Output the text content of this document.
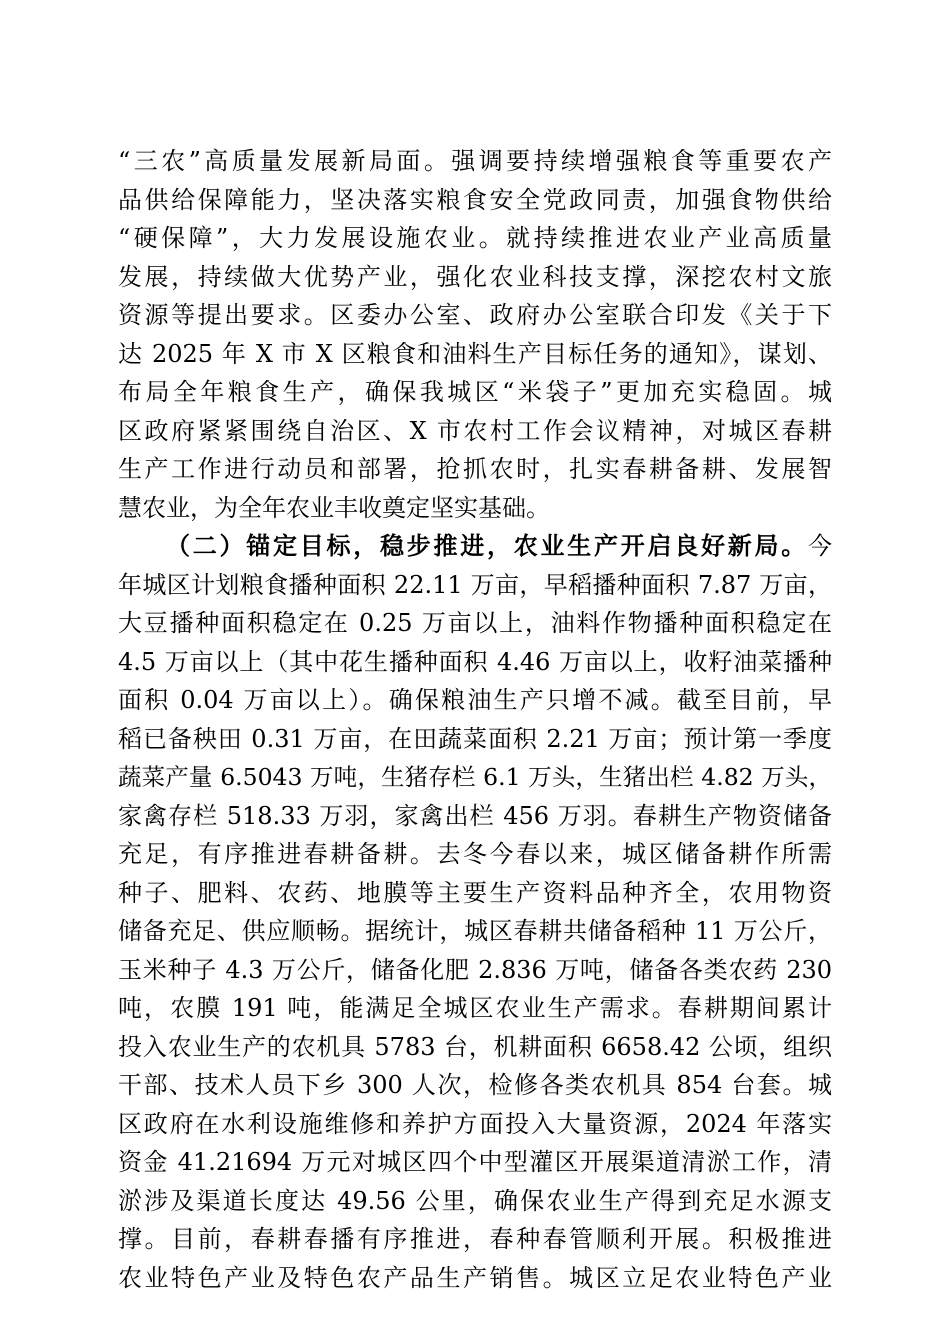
“三农”高质量发展新局面。强调要持续增强粮食等重要农产
品供给保障能力，坚决落实粮食安全党政同责，加强食物供给
“硬保障”，大力发展设施农业。就持续推进农业产业高质量
发展，持续做大优势产业，强化农业科技支撑，深挖农村文旅
资源等提出要求。区委办公室、政府办公室联合印发《关于下
达 2025 年 X 市 X 区粮食和油料生产目标任务的通知》，谋划、
布局全年粮食生产，确保我城区“米袋子”更加充实稳固。城
区政府紧紧围绕自治区、X 市农村工作会议精神，对城区春耕
生产工作进行动员和部署，抢抓农时，扎实春耕备耕、发展智
慧农业，为全年农业丰收奠定坚实基础。
（二）锚定目标，稳步推进，农业生产开启良好新局。今
年城区计划粮食播种面积 22.11 万亩，早稻播种面积 7.87 万亩，
大豆播种面积稳定在 0.25 万亩以上，油料作物播种面积稳定在
4.5 万亩以上（其中花生播种面积 4.46 万亩以上，收籽油菜播种
面积 0.04 万亩以上）。确保粮油生产只增不减。截至目前，早
稻已备秧田 0.31 万亩，在田蔬菜面积 2.21 万亩；预计第一季度
蔬菜产量 6.5043 万吨，生猪存栏 6.1 万头，生猪出栏 4.82 万头，
家禽存栏 518.33 万羽，家禽出栏 456 万羽。春耕生产物资储备
充足，有序推进春耕备耕。去冬今春以来，城区储备耕作所需
种子、肥料、农药、地膜等主要生产资料品种齐全，农用物资
储备充足、供应顺畅。据统计，城区春耕共储备稻种 11 万公斤，
玉米种子 4.3 万公斤，储备化肥 2.836 万吨，储备各类农药 230
吨，农膜 191 吨，能满足全城区农业生产需求。春耕期间累计
投入农业生产的农机具 5783 台，机耕面积 6658.42 公顷，组织
干部、技术人员下乡 300 人次，检修各类农机具 854 台套。城
区政府在水利设施维修和养护方面投入大量资源，2024 年落实
资金 41.21694 万元对城区四个中型灌区开展渠道清淤工作，清
淤涉及渠道长度达 49.56 公里，确保农业生产得到充足水源支
撑。目前，春耕春播有序推进，春种春管顺利开展。积极推进
农业特色产业及特色农产品生产销售。城区立足农业特色产业
